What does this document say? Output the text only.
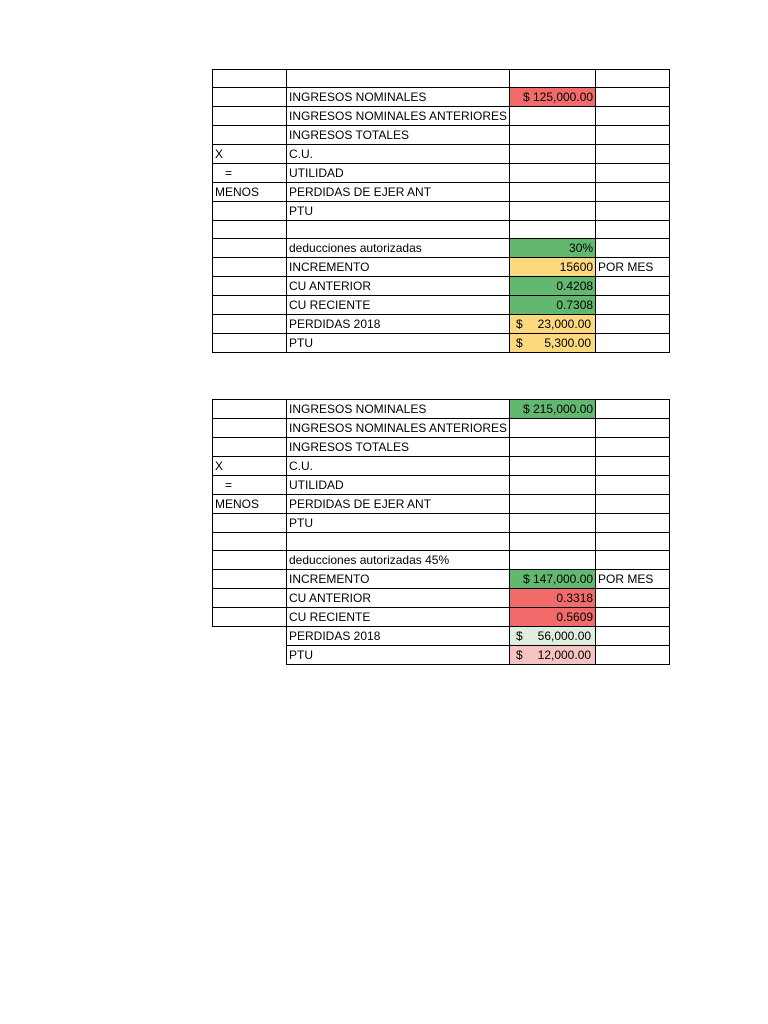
	INGRESOS NOMINALES	$ 125,000.00	
	INGRESOS NOMINALES ANTERIORES		
	INGRESOS TOTALES		
X	C.U.		
=	UTILIDAD		
MENOS	PERDIDAS DE EJER ANT		
	PTU		

	deducciones autorizadas	30%	
	INCREMENTO	15600	POR MES
	CU ANTERIOR	0.4208	
	CU RECIENTE	0.7308	
	PERDIDAS 2018	$ 23,000.00	

	PTU	$ 5,300.00	

	INGRESOS NOMINALES	$ 215,000.00	
	INGRESOS NOMINALES ANTERIORES		
	INGRESOS TOTALES		
X	C.U.		
=	UTILIDAD		
MENOS	PERDIDAS DE EJER ANT		
	PTU		

	deducciones autorizadas 45%		
	INCREMENTO	$ 147,000.00	POR MES
	CU ANTERIOR	0.3318	
	CU RECIENTE	0.5609	
	PERDIDAS 2018	$ 56,000.00	

	PTU	$ 12,000.00	
